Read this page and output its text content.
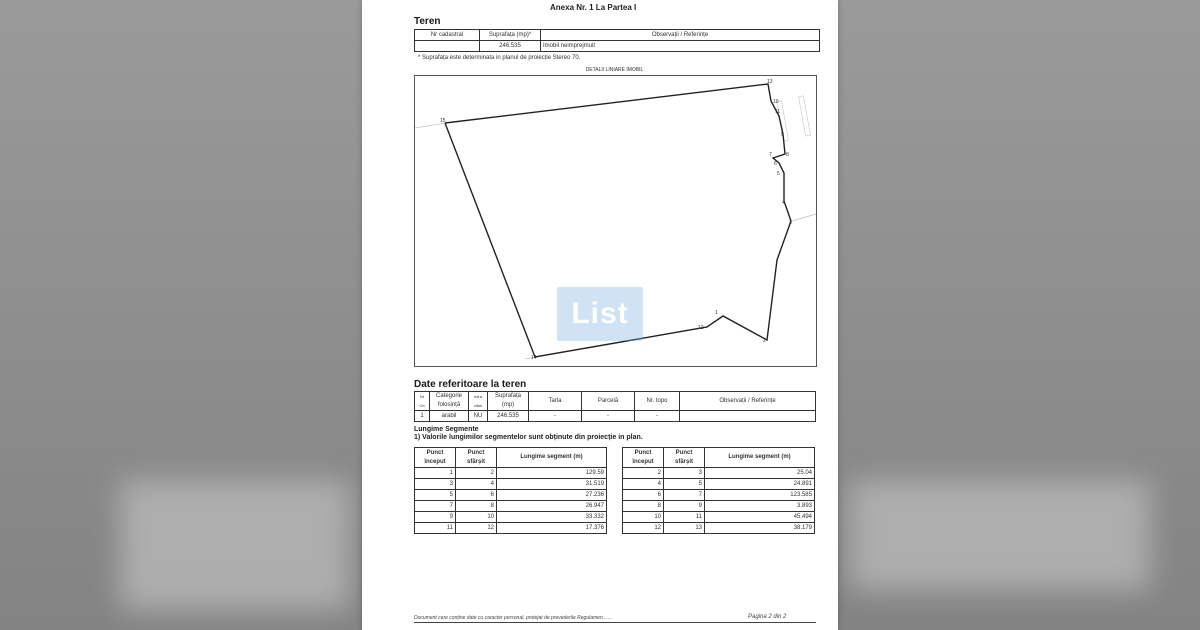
Anexa Nr. 1 La Partea I
Teren
Nr cadastral	Suprafața (mp)*	Observații / Referințe
	246.535	Imobil neimprejmuit
* Suprafața este determinata in planul de proiecție Stereo 70.
DETALII LINIARE IMOBIL
13
10
11
9
8
7
6
5
4
3
2
1
12
14
15
List
Date referitoare la teren
Nr Crt	Categorie folosință	Intra vilan	Suprafața (mp)	Tarla	Parcelă	Nr. topo	Observații / Referințe
1	arabil	NU	246.535	-	-	-	
Lungime Segmente
1) Valorile lungimilor segmentelor sunt obținute din proiecție in plan.
Punct început	Punct sfârșit	Lungime segment (m)
1	2	129.59
3	4	31.519
5	6	27.236
7	8	26.947
9	10	33.332
11	12	17.376
Punct început	Punct sfârșit	Lungime segment (m)
2	3	25.04
4	5	24.891
6	7	123.585
8	9	3.893
10	11	45.494
12	13	38.179
Document care conține date cu caracter personal, protejat de prevederile Regulamen... ...	Pagina 2 din 2
